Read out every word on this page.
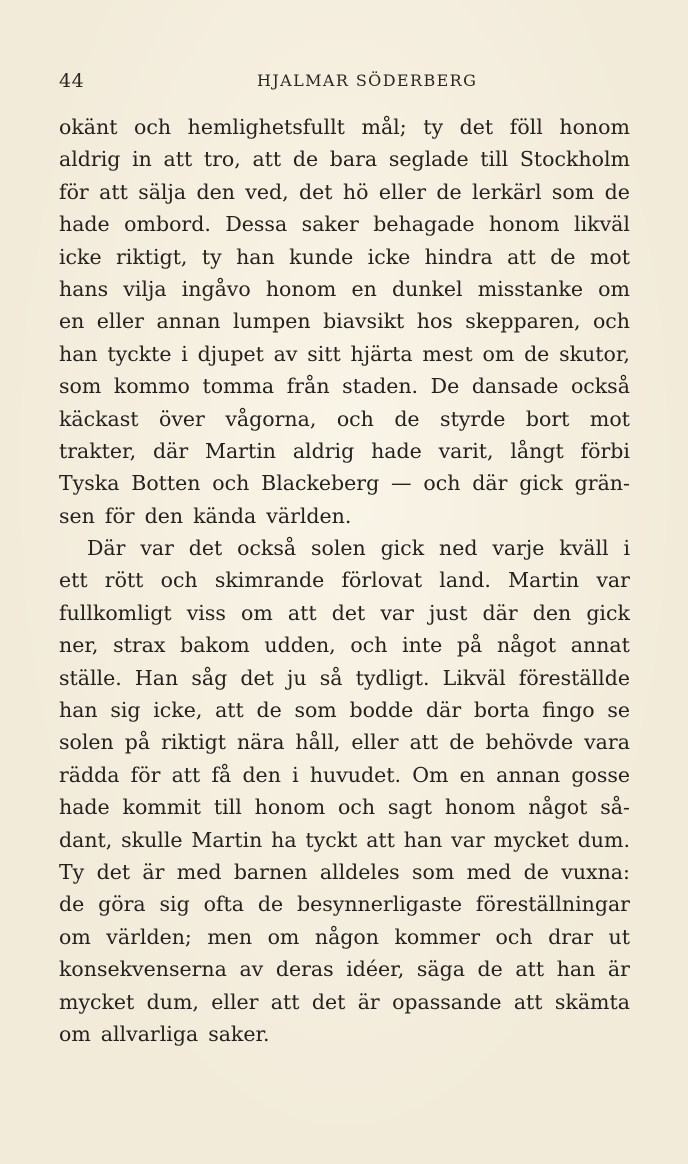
44	HJALMAR SÖDERBERG
okänt och hemlighetsfullt mål; ty det föll honom
aldrig in att tro, att de bara seglade till Stockholm
för att sälja den ved, det hö eller de lerkärl som de
hade ombord. Dessa saker behagade honom likväl
icke riktigt, ty han kunde icke hindra att de mot
hans vilja ingåvo honom en dunkel misstanke om
en eller annan lumpen biavsikt hos skepparen, och
han tyckte i djupet av sitt hjärta mest om de skutor,
som kommo tomma från staden. De dansade också
käckast över vågorna, och de styrde bort mot
trakter, där Martin aldrig hade varit, långt förbi
Tyska Botten och Blackeberg — och där gick grän-
sen för den kända världen.
Där var det också solen gick ned varje kväll i
ett rött och skimrande förlovat land. Martin var
fullkomligt viss om att det var just där den gick
ner, strax bakom udden, och inte på något annat
ställe. Han såg det ju så tydligt. Likväl föreställde
han sig icke, att de som bodde där borta fingo se
solen på riktigt nära håll, eller att de behövde vara
rädda för att få den i huvudet. Om en annan gosse
hade kommit till honom och sagt honom något så-
dant, skulle Martin ha tyckt att han var mycket dum.
Ty det är med barnen alldeles som med de vuxna:
de göra sig ofta de besynnerligaste föreställningar
om världen; men om någon kommer och drar ut
konsekvenserna av deras idéer, säga de att han är
mycket dum, eller att det är opassande att skämta
om allvarliga saker.
